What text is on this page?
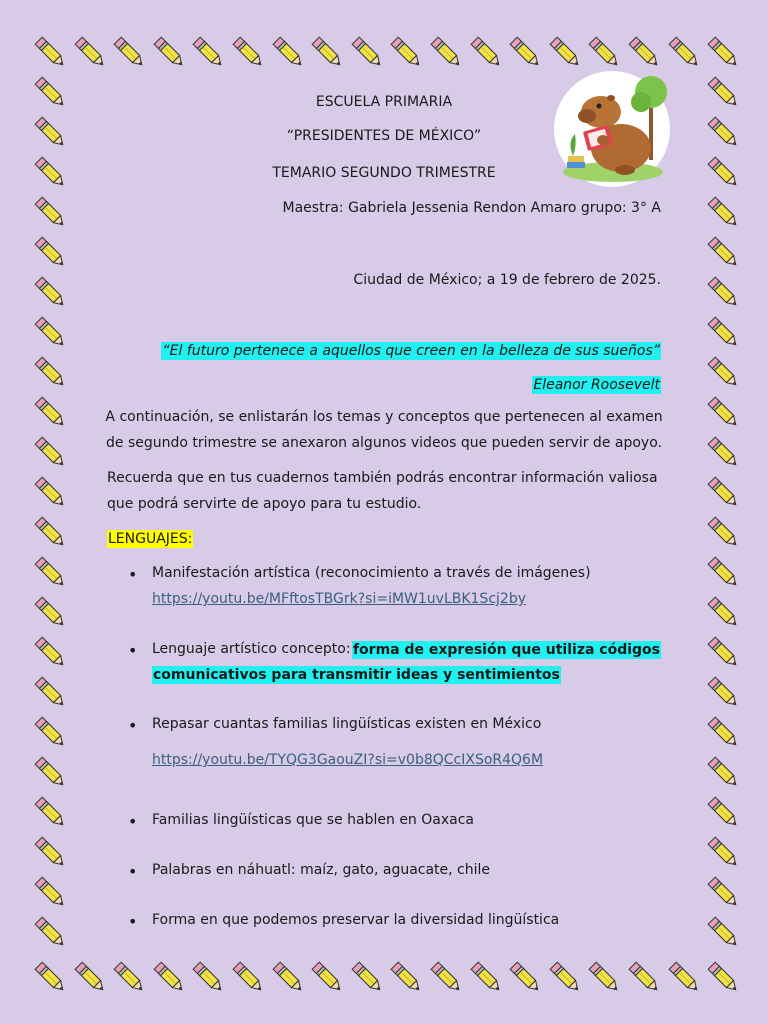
ESCUELA PRIMARIA
“PRESIDENTES DE MÉXICO”
TEMARIO SEGUNDO TRIMESTRE
Maestra: Gabriela Jessenia Rendon Amaro grupo: 3° A
Ciudad de México; a 19 de febrero de 2025.
“El futuro pertenece a aquellos que creen en la belleza de sus sueños”
Eleanor Roosevelt
A continuación, se enlistarán los temas y conceptos que pertenecen al examen
de segundo trimestre se anexaron algunos videos que pueden servir de apoyo.
Recuerda que en tus cuadernos también podrás encontrar información valiosa
que podrá servirte de apoyo para tu estudio.
LENGUAJES:
• Manifestación artística (reconocimiento a través de imágenes)
https://youtu.be/MFftosTBGrk?si=iMW1uvLBK1Scj2by
• Lenguaje artístico concepto: forma de expresión que utiliza códigos
comunicativos para transmitir ideas y sentimientos
• Repasar cuantas familias lingüísticas existen en México
https://youtu.be/TYQG3GaouZI?si=v0b8QCcIXSoR4Q6M
• Familias lingüísticas que se hablen en Oaxaca
• Palabras en náhuatl: maíz, gato, aguacate, chile
• Forma en que podemos preservar la diversidad lingüística
